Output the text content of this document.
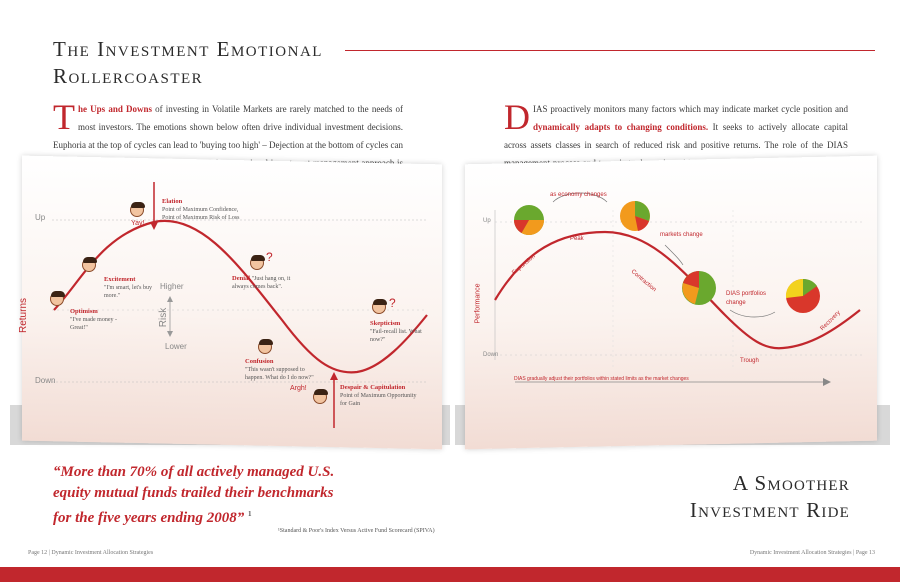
The Investment Emotional Rollercoaster
The Ups and Downs of investing in Volatile Markets are rarely matched to the needs of most investors. The emotions shown below often drive individual investment decisions. Euphoria at the top of cycles can lead to 'buying too high' – Dejection at the bottom of cycles can
DIAS proactively monitors many factors which may indicate market cycle position and dynamically adapts to changing conditions. It seeks to actively allocate capital across assets classes in search of reduced risk and positive returns. The role of the DIAS
Up
Down
Returns
Higher
Risk
Lower
Yay!
Elation
Point of Maximum Confidence, Point of Maximum Risk of Loss
Excitement
"I'm smart, let's buy more."
Optimism
"I've made money - Great!"
?
Denial "Just hang on, it always comes back".
?
Skepticism
"Fail-recall list. What now?"
Confusion
"This wasn't supposed to happen. What do I do now?"
Argh!	Despair & Capitulation
Point of Maximum Opportunity for Gain
Up
Down
Performance
as economy changes
markets change
DIAS portfolios change
Peak
Expansion
Contraction
Trough
Recovery
DIAS gradually adjust their portfolios within stated limits as the market changes
“More than 70% of all actively managed U.S. equity mutual funds trailed their benchmarks for the five years ending 2008” $^1$
¹Standard & Poor's Index Versus Active Fund Scorecard (SPIVA)
A Smoother Investment Ride
Page 12 | Dynamic Investment Allocation Strategies	Dynamic Investment Allocation Strategies | Page 13
